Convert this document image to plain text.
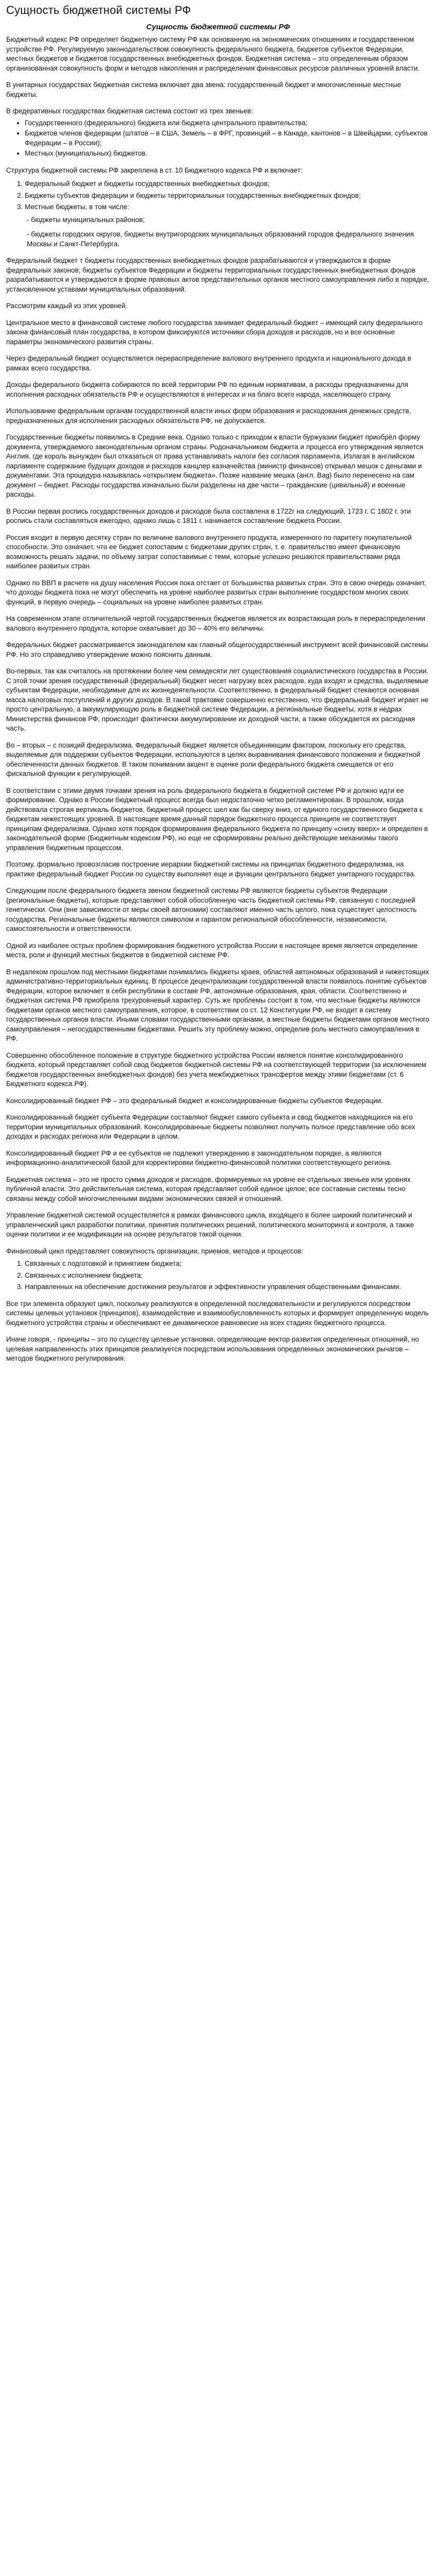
Сущность бюджетной системы РФ
Сущность бюджетной системы РФ

Бюджетный кодекс РФ определяет бюджетную систему РФ как основанную на экономических отношениях и государственном устройстве РФ. Регулируемую законодательством совокупность федерального бюджета, бюджетов субъектов Федерации, местных бюджетов и бюджетов государственных внебюджетных фондов. Бюджетная система – это определенным образом организованная совокупность форм и методов накопления и распределения финансовых ресурсов различных уровней власти.

В унитарных государствах бюджетная система включает два звена: государственный бюджет и многочисленные местные бюджеты.

В федеративных государствах бюджетная система состоит из трех звеньев:

• Государственного (федерального) бюджета или бюджета центрального правительства;
• Бюджетов членов федерации (штатов – в США, Земель – в ФРГ, провинций – в Канаде, кантонов – в Швейцарии, субъектов Федерации – в России);
• Местных (муниципальных) бюджетов.

Структура бюджетной системы РФ закреплена в ст. 10 Бюджетного кодекса РФ и включает:

1. Федеральный бюджет и бюджеты государственных внебюджетных фондов;
2. Бюджеты субъектов федерации и бюджеты территориальных государственных внебюджетных фондов;
3. Местные бюджеты, в том числе:
- бюджеты муниципальных районов;
- бюджеты городских округов, бюджеты внутригородских муниципальных образований городов федерального значения Москвы и Санкт-Петербурга.

Федеральный бюджет т бюджеты государственных внебюджетных фондов разрабатываются и утверждаются в форме федеральных законов; бюджеты субъектов Федерации и бюджеты территориальных государственных внебюджетных фондов разрабатываются и утверждаются в форме правовых актов представительных органов местного самоуправления либо в порядке, установленном уставами муниципальных образований.

Рассмотрим каждый из этих уровней.

Центральное место в финансовой системе любого государства занимает федеральный бюджет – имеющий силу федерального закона финансовый план государства, в котором фиксируются источники сбора доходов и расходов, но и все основные параметры экономического развития страны.

Через федеральный бюджет осуществляется перераспределение валового внутреннего продукта и национального дохода в рамках всего государства.

Доходы федерального бюджета собираются по всей территории РФ по единым нормативам, а расходы предназначены для исполнения расходных обязательств РФ и осуществляются в интересах и на благо всего народа, населяющего страну.

Использование федеральным органам государственной власти иных форм образования и расходования денежных средств, предназначенных для исполнения расходных обязательств РФ, не допускается.

Государственные бюджеты появились в Средние века. Однако только с приходом к власти буржуазии бюджет приобрёл форму документа, утверждаемого законодательным органом страны. Родоначальником бюджета и процесса его утверждения является Англия, где король вынужден был отказаться от права устанавливать налоги без согласия парламента. Излагая в английском парламенте содержание будущих доходов и расходов канцлер казначейства (министр финансов) открывал мешок с деньгами и документами. Эта процедура называлась «открытием бюджета». Позже название мешка (англ. Bag) было перенесено на сам документ – бюджет. Расходы государства изначально были разделены на две части – гражданские (цивильный) и военные расходы.

В России первая роспись государственных доходов и расходов была составлена в 1722г на следующий, 1723 г. С 1802 г. эти роспись стали составляться ежегодно, однако лишь с 1811 г. начинается составление бюджета России.

Россия входит в первую десятку стран по величине валового внутреннего продукта, измеренного по паритету покупательной способности. Это означает, что ее бюджет сопоставим с бюджетами других стран, т. е. правительство имеет финансовую возможность решать задачи, по объему затрат сопоставимые с теми, которые успешно решаются правительствами ряда наиболее развитых стран.

Однако по ВВП в расчете на душу населения Россия пока отстает от большинства развитых стран. Это в свою очередь означает, что доходы бюджета пока не могут обеспечить на уровне наиболее развитых стран выполнение государством многих своих функций, в первую очередь – социальных на уровне наиболее развитых стран.

На современном этапе отличительной чертой государственных бюджетов является их возрастающая роль в перераспределении валового внутреннего продукта, которое охватывает до 30 – 40% его величины.

Федеральных бюджет рассматривается законодателем как главный общегосударственный инструмент всей финансовой системы РФ. Но это справедливо утверждение можно пояснить данным.

Во-первых, так как считалось на протяжении более чем семидесяти лет существования социалистического государства в России. С этой точки зрения государственный (федеральный) бюджет несет нагрузку всех расходов, куда входят и средства, выделяемые субъектам Федерации, необходимые для их жизнедеятельности. Соответственно, в федеральный бюджет стекаются основная масса налоговых поступлений и других доходов. В такой трактовке совершенно естественно, что федеральный бюджет играет не просто центральную, а аккумулирующую роль в бюджетной системе Федерации, а региональные бюджеты, хотя в недрах Министерства финансов РФ, происходит фактически аккумулирование их доходной части, а также обсуждается их расходная часть.

Во – вторых – с позиций федерализма. Федеральный бюджет является объединяющим фактором, поскольку его средства, выделяемые для поддержки субъектов Федерации, используются в целях выравнивания финансового положения и бюджетной обеспеченности данных бюджетов. В таком понимании акцент в оценке роли федерального бюджета смещается от его фискальной функции к регулирующей.

В соответствии с этими двумя точками зрения на роль федерального бюджета в бюджетной системе РФ и должно идти ее формирование. Однако в России бюджетный процесс всегда был недостаточно четко регламентирован. В прошлом, когда действовала строгая вертикаль бюджетов, бюджетный процесс шел как бы сверху вниз, от единого государственного бюджета к бюджетам нижестоящих уровней. В настоящее время данный порядок бюджетного процесса принципе не соответствует принципам федерализма. Однако хотя порядок формирования федерального бюджета по принципу «снизу вверх» и определен в законодательной форме (Бюджетным кодексом РФ), но еще не сформированы реально действующие механизмы такого управления бюджетным процессом.

Поэтому, формально провозгласив построение иерархии бюджетной системы на принципах бюджетного федерализма, на практике федеральный бюджет России по существу выполняет еще и функции центрального бюджет унитарного государства.

Следующим после федерального бюджета звеном бюджетной системы РФ являются бюджеты субъектов Федерации (региональные бюджеты), которые представляют собой обособленную часть бюджетной системы РФ, связанную с последней генетически. Они (вне зависимости от меры своей автономии) составляют именно часть целого, пока существует целостность государства. Региональные бюджеты являются символом и гарантом региональной обособленности, независимости, самостоятельности и ответственности.

Одной из наиболее острых проблем формирования бюджетного устройства России в настоящее время является определение места, роли и функций местных бюджетов в бюджетной системе РФ.

В недалеком прошлом под местными бюджетами понимались бюджеты краев, областей автономных образований и нижестоящих административно-территориальных единиц. В процессе децентрализации государственной власти появилось понятие субъектов Федерации, которое включает в себя республики в составе РФ, автономные образования, края, области. Соответственно и бюджетная система РФ приобрела трехуровневый характер. Суть же проблемы состоит в том, что местные бюджеты являются бюджетами органов местного самоуправления, которое, в соответствии со ст. 12 Конституции РФ, не входит в систему государственных органов власти. Иными словами государственными органами, а местные бюджеты бюджетами органов местного самоуправления – негосударственными бюджетами. Решить эту проблему можно, определив роль местного самоуправления в РФ.

Совершенно обособленное положение в структуре бюджетного устройства России является понятие консолидированного бюджета, который представляет собой свод бюджетов бюджетной системы РФ на соответствующей территории (за исключением бюджетов государственных внебюджетных фондов) без учета межбюджетных трансфертов между этими бюджетами (ст. 6 Бюджетного кодекса РФ).

Консолидированный бюджет РФ – это федеральный бюджет и консолидированные бюджеты субъектов Федерации.

Консолидированный бюджет субъекта Федерации составляют бюджет самого субъекта и свод бюджетов находящихся на его территории муниципальных образований. Консолидированные бюджеты позволяют получить полное представление обо всех доходах и расходах региона или Федерации в целом.

Консолидированный бюджет РФ и ее субъектов не подлежит утверждению в законодательном порядке, а являются информационно-аналитической базой для корректировки бюджетно-финансовой политики соответствующего региона.

Бюджетная система – это не просто сумма доходов и расходов, формируемых на уровне ее отдельных звеньев или уровнях публичной власти. Это действительная система, которая представляет собой единое целое; все составные системы тесно связаны между собой многочисленными видами экономических связей и отношений.

Управление бюджетной системой осуществляется в рамках финансового цикла, входящего в более широкий политический и управленческий цикл разработки политики, принятия политических решений, политического мониторинга и контроля, а также оценки политики и ее модификации на основе результатов такой оценки.

Финансовый цикл представляет совокупность организации, приемов, методов и процессов:

1. Связанных с подготовкой и принятием бюджета;
2. Связанных с исполнением бюджета;
3. Направленных на обеспечение достижения результатов и эффективности управления общественными финансами.

Все три элемента образуют цикл, поскольку реализуются в определенной последовательности и регулируются посредством системы целевых установок (принципов), взаимодействие и взаимообусловленность которых и формирует определенную модель бюджетного устройства страны и обеспечивают ее динамическое равновесие на всех стадиях бюджетного процесса.

Иначе говоря, - принципы – это по существу целевые установки, определяющие вектор развития определенных отношений, но целевая направленность этих принципов реализуется посредством использования определенных экономических рычагов – методов бюджетного регулирования.
